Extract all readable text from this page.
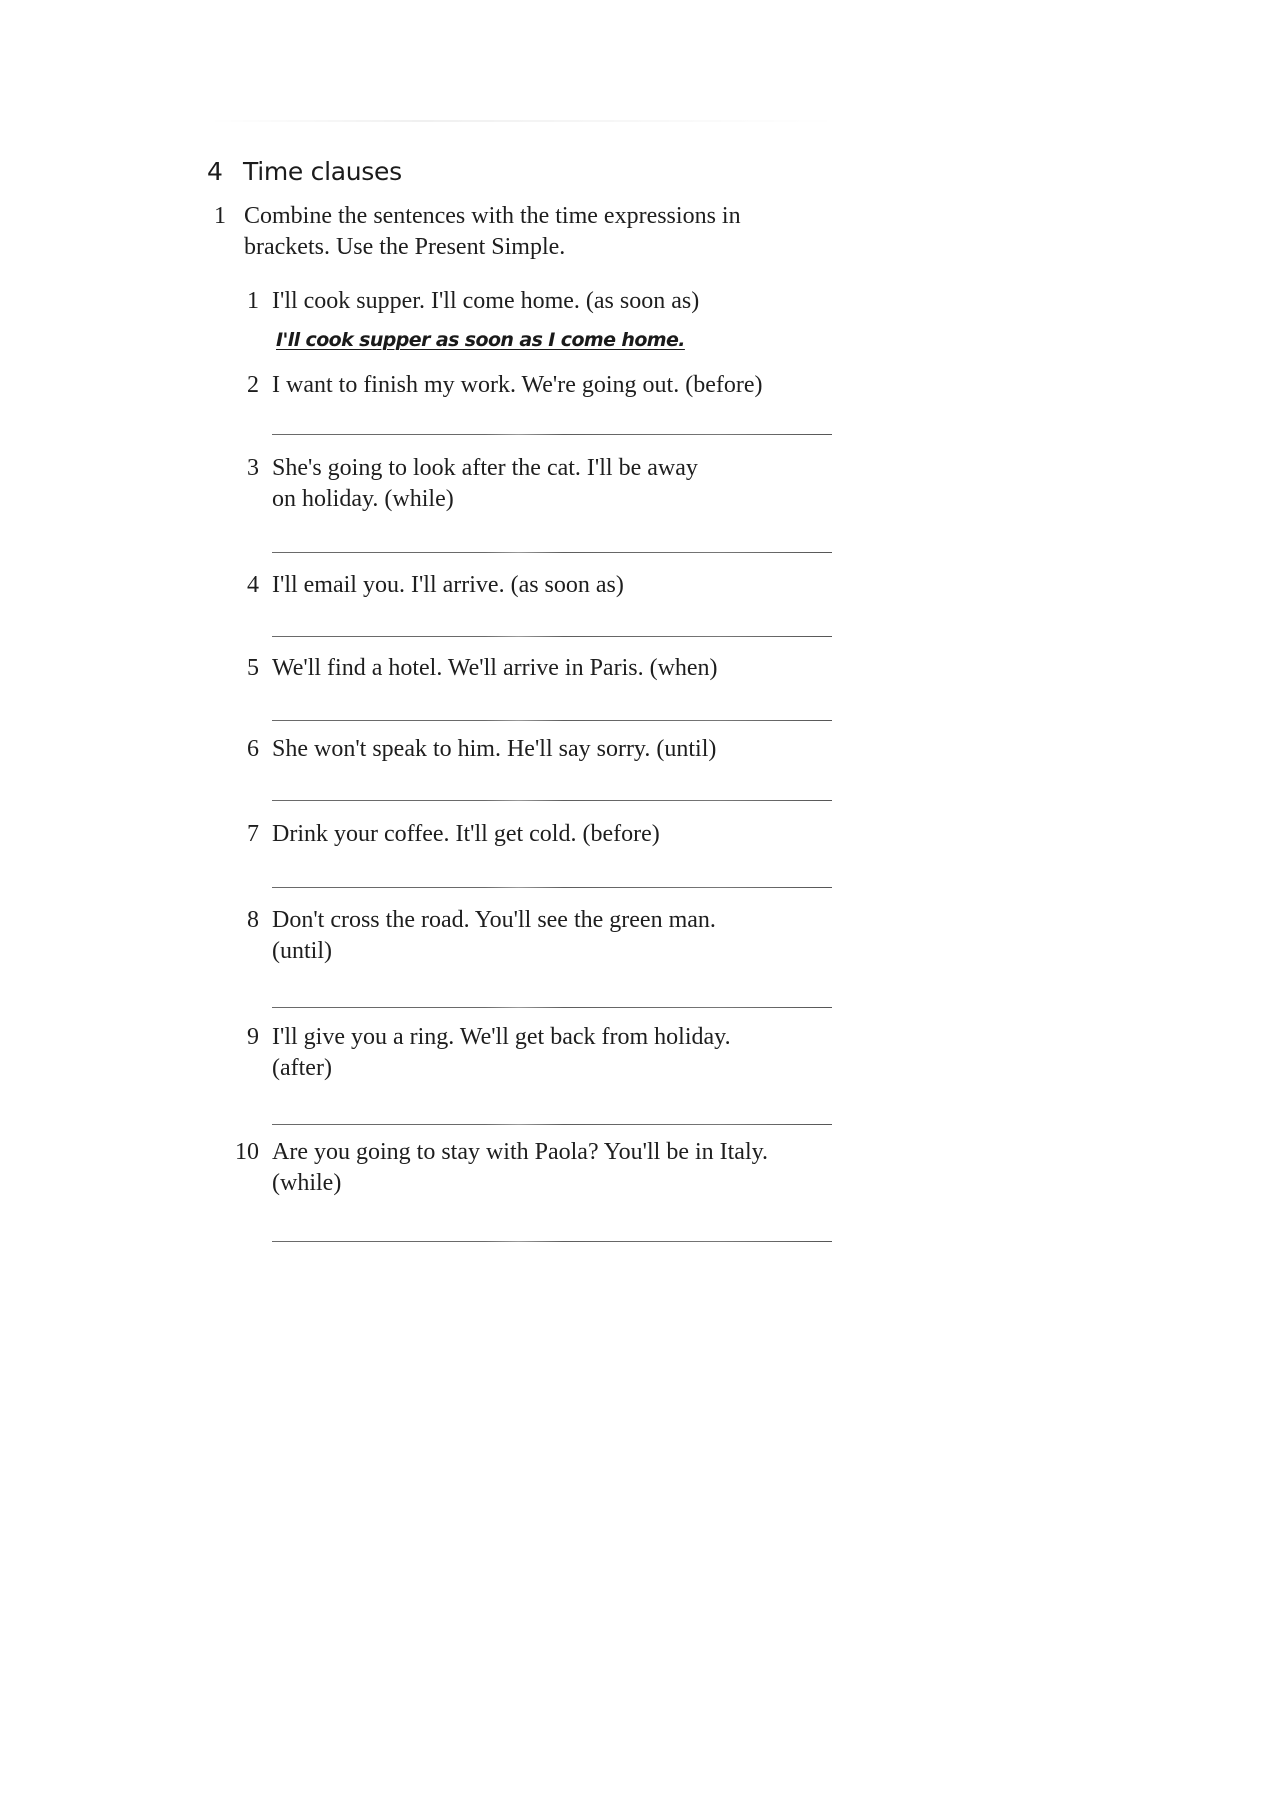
4 Time clauses
1 Combine the sentences with the time expressions in brackets. Use the Present Simple.
1 I'll cook supper. I'll come home. (as soon as)
I'll cook supper as soon as I come home.
2 I want to finish my work. We're going out. (before)
3 She's going to look after the cat. I'll be away on holiday. (while)
4 I'll email you. I'll arrive. (as soon as)
5 We'll find a hotel. We'll arrive in Paris. (when)
6 She won't speak to him. He'll say sorry. (until)
7 Drink your coffee. It'll get cold. (before)
8 Don't cross the road. You'll see the green man. (until)
9 I'll give you a ring. We'll get back from holiday. (after)
10 Are you going to stay with Paola? You'll be in Italy. (while)
